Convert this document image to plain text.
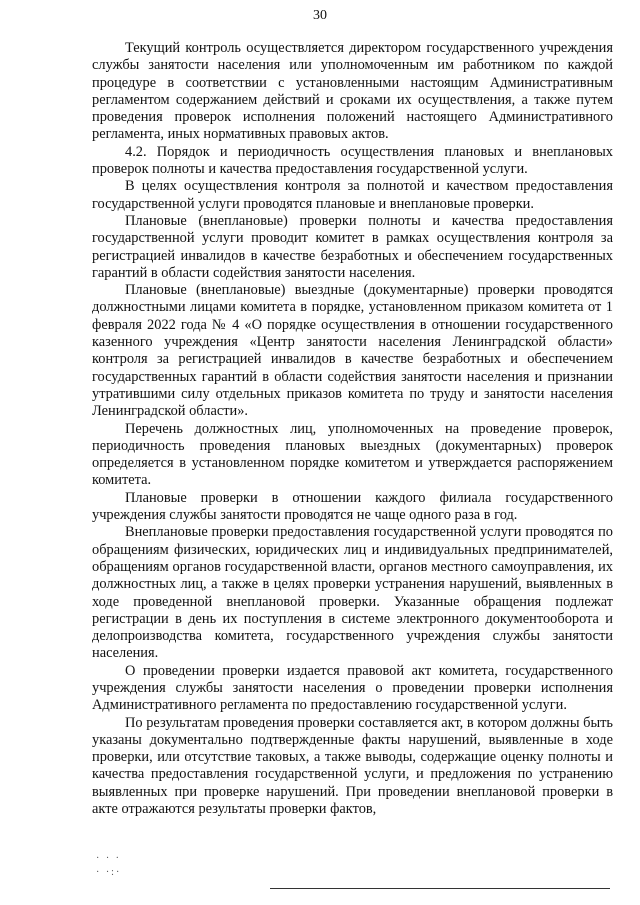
30

Текущий контроль осуществляется директором государственного учреждения службы занятости населения или уполномоченным им работником по каждой процедуре в соответствии с установленными настоящим Административным регламентом содержанием действий и сроками их осуществления, а также путем проведения проверок исполнения положений настоящего Административного регламента, иных нормативных правовых актов.

4.2. Порядок и периодичность осуществления плановых и внеплановых проверок полноты и качества предоставления государственной услуги.

В целях осуществления контроля за полнотой и качеством предоставления государственной услуги проводятся плановые и внеплановые проверки.

Плановые (внеплановые) проверки полноты и качества предоставления государственной услуги проводит комитет в рамках осуществления контроля за регистрацией инвалидов в качестве безработных и обеспечением государственных гарантий в области содействия занятости населения.

Плановые (внеплановые) выездные (документарные) проверки проводятся должностными лицами комитета в порядке, установленном приказом комитета от 1 февраля 2022 года № 4 «О порядке осуществления в отношении государственного казенного учреждения «Центр занятости населения Ленинградской области» контроля за регистрацией инвалидов в качестве безработных и обеспечением государственных гарантий в области содействия занятости населения и признании утратившими силу отдельных приказов комитета по труду и занятости населения Ленинградской области».

Перечень должностных лиц, уполномоченных на проведение проверок, периодичность проведения плановых выездных (документарных) проверок определяется в установленном порядке комитетом и утверждается распоряжением комитета.

Плановые проверки в отношении каждого филиала государственного учреждения службы занятости проводятся не чаще одного раза в год.

Внеплановые проверки предоставления государственной услуги проводятся по обращениям физических, юридических лиц и индивидуальных предпринимателей, обращениям органов государственной власти, органов местного самоуправления, их должностных лиц, а также в целях проверки устранения нарушений, выявленных в ходе проведенной внеплановой проверки. Указанные обращения подлежат регистрации в день их поступления в системе электронного документооборота и делопроизводства комитета, государственного учреждения службы занятости населения.

О проведении проверки издается правовой акт комитета, государственного учреждения службы занятости населения о проведении проверки исполнения Административного регламента по предоставлению государственной услуги.

По результатам проведения проверки составляется акт, в котором должны быть указаны документально подтвержденные факты нарушений, выявленные в ходе проверки, или отсутствие таковых, а также выводы, содержащие оценку полноты и качества предоставления государственной услуги, и предложения по устранению выявленных при проверке нарушений. При проведении внеплановой проверки в акте отражаются результаты проверки фактов,

· · ·
· ·:·
